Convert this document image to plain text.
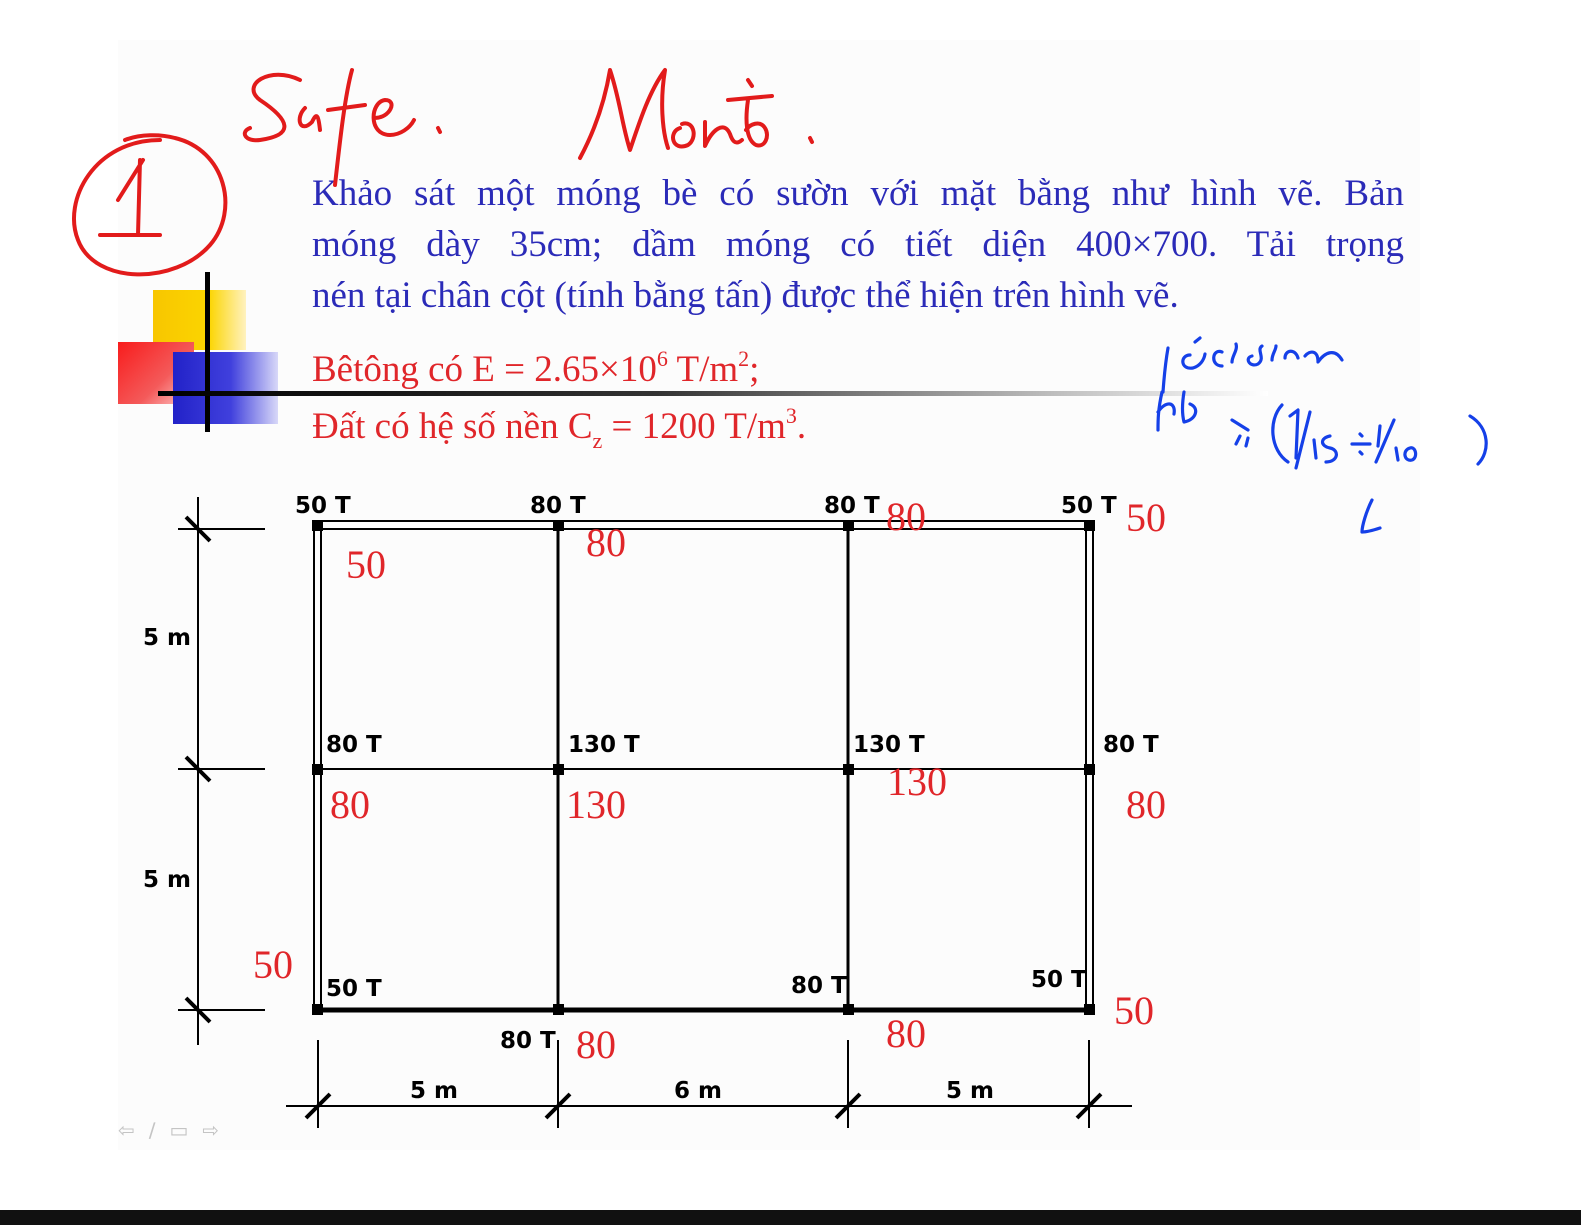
Khảo sát một móng bè có sườn với mặt bằng như hình vẽ. Bản
móng dày 35cm; dầm móng có tiết diện 400×700. Tải trọng
nén tại chân cột (tính bằng tấn) được thể hiện trên hình vẽ.
Bêtông có $E = 2.65\times 10^6$ $T/m^2$;
Đất có hệ số nền $C_z = 1200$ $T/m^3$.
50 T	80 T	80 T	50 T
80 T	130 T	130 T	80 T
50 T
80 T
80 T	50 T
5 m
5 m
5 m	6 m	5 m
50	80
80	50
80	130
130
80
50
80	80
50
⇦ ∕ ▭ ⇨
